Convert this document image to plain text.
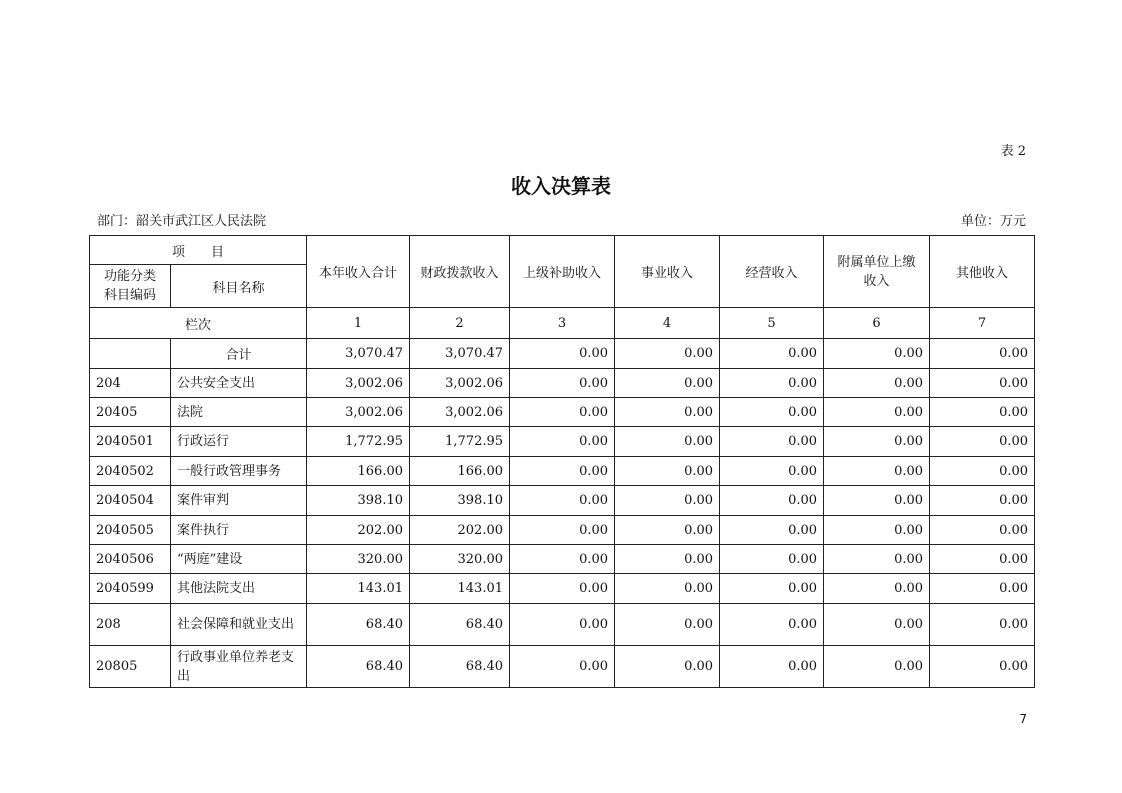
表 2
收入决算表
部门：韶关市武江区人民法院	单位：万元
项　　目		本年收入合计	财政拨款收入	上级补助收入	事业收入	经营收入	附属单位上缴收入	其他收入
功能分类
科目编码	科目名称							
栏次		1	2	3	4	5	6	7
	合计	3,070.47	3,070.47	0.00	0.00	0.00	0.00	0.00
204	公共安全支出	3,002.06	3,002.06	0.00	0.00	0.00	0.00	0.00
20405	法院	3,002.06	3,002.06	0.00	0.00	0.00	0.00	0.00
2040501	行政运行	1,772.95	1,772.95	0.00	0.00	0.00	0.00	0.00
2040502	一般行政管理事务	166.00	166.00	0.00	0.00	0.00	0.00	0.00
2040504	案件审判	398.10	398.10	0.00	0.00	0.00	0.00	0.00
2040505	案件执行	202.00	202.00	0.00	0.00	0.00	0.00	0.00
2040506	“两庭”建设	320.00	320.00	0.00	0.00	0.00	0.00	0.00
2040599	其他法院支出	143.01	143.01	0.00	0.00	0.00	0.00	0.00
208	社会保障和就业支出	68.40	68.40	0.00	0.00	0.00	0.00	0.00
20805	行政事业单位养老支出	68.40	68.40	0.00	0.00	0.00	0.00	0.00
7
